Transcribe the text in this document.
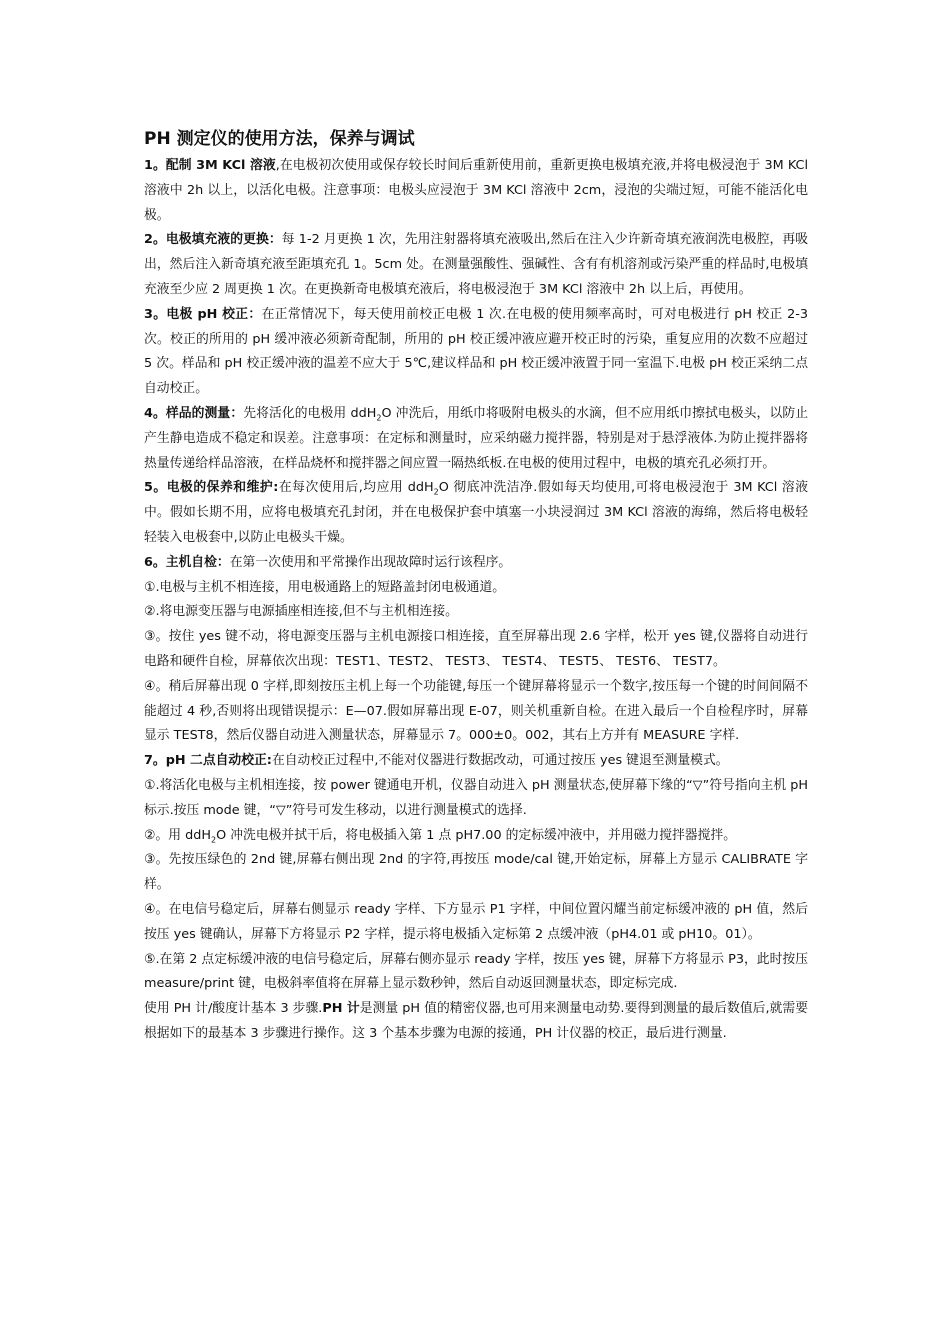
PH 测定仪的使用方法，保养与调试

1。配制 3M KCl 溶液,在电极初次使用或保存较长时间后重新使用前，重新更换电极填充液,并将电极浸泡于 3M KCl 溶液中 2h 以上，以活化电极。注意事项：电极头应浸泡于 3M KCl 溶液中 2cm，浸泡的尖端过短，可能不能活化电极。

2。电极填充液的更换：每 1-2 月更换 1 次，先用注射器将填充液吸出,然后在注入少许新奇填充液润洗电极腔，再吸出，然后注入新奇填充液至距填充孔 1。5cm 处。在测量强酸性、强碱性、含有有机溶剂或污染严重的样品时,电极填充液至少应 2 周更换 1 次。在更换新奇电极填充液后，将电极浸泡于 3M KCl 溶液中 2h 以上后，再使用。

3。电极 pH 校正：在正常情况下，每天使用前校正电极 1 次.在电极的使用频率高时，可对电极进行 pH 校正 2-3 次。校正的所用的 pH 缓冲液必须新奇配制，所用的 pH 校正缓冲液应避开校正时的污染，重复应用的次数不应超过 5 次。样品和 pH 校正缓冲液的温差不应大于 5℃,建议样品和 pH 校正缓冲液置于同一室温下.电极 pH 校正采纳二点自动校正。

4。样品的测量：先将活化的电极用 ddH$_2$O 冲洗后，用纸巾将吸附电极头的水滴，但不应用纸巾擦拭电极头，以防止产生静电造成不稳定和误差。注意事项：在定标和测量时，应采纳磁力搅拌器，特别是对于悬浮液体.为防止搅拌器将热量传递给样品溶液，在样品烧杯和搅拌器之间应置一隔热纸板.在电极的使用过程中，电极的填充孔必须打开。

5。电极的保养和维护:在每次使用后,均应用 ddH$_2$O 彻底冲洗洁净.假如每天均使用,可将电极浸泡于 3M KCl 溶液中。假如长期不用，应将电极填充孔封闭，并在电极保护套中填塞一小块浸润过 3M KCl 溶液的海绵，然后将电极轻轻装入电极套中,以防止电极头干燥。

6。主机自检：在第一次使用和平常操作出现故障时运行该程序。

①.电极与主机不相连接，用电极通路上的短路盖封闭电极通道。

②.将电源变压器与电源插座相连接,但不与主机相连接。

③。按住 yes 键不动，将电源变压器与主机电源接口相连接，直至屏幕出现 2.6 字样，松开 yes 键,仪器将自动进行电路和硬件自检，屏幕依次出现：TEST1、TEST2、 TEST3、 TEST4、 TEST5、 TEST6、 TEST7。

④。稍后屏幕出现 0 字样,即刻按压主机上每一个功能键,每压一个键屏幕将显示一个数字,按压每一个键的时间间隔不能超过 4 秒,否则将出现错误提示：E—07.假如屏幕出现 E-07，则关机重新自检。在进入最后一个自检程序时，屏幕显示 TEST8，然后仪器自动进入测量状态，屏幕显示 7。000±0。002，其右上方并有 MEASURE 字样.

7。pH 二点自动校正:在自动校正过程中,不能对仪器进行数据改动，可通过按压 yes 键退至测量模式。

①.将活化电极与主机相连接，按 power 键通电开机，仪器自动进入 pH 测量状态,使屏幕下缘的“▽”符号指向主机 pH 标示.按压 mode 键，“▽”符号可发生移动，以进行测量模式的选择.

②。用 ddH$_2$O 冲洗电极并拭干后，将电极插入第 1 点 pH7.00 的定标缓冲液中，并用磁力搅拌器搅拌。

③。先按压绿色的 2nd 键,屏幕右侧出现 2nd 的字符,再按压 mode/cal 键,开始定标，屏幕上方显示 CALIBRATE 字样。

④。在电信号稳定后，屏幕右侧显示 ready 字样、下方显示 P1 字样，中间位置闪耀当前定标缓冲液的 pH 值，然后按压 yes 键确认，屏幕下方将显示 P2 字样，提示将电极插入定标第 2 点缓冲液（pH4.01 或 pH10。01）。

⑤.在第 2 点定标缓冲液的电信号稳定后，屏幕右侧亦显示 ready 字样，按压 yes 键，屏幕下方将显示 P3，此时按压 measure/print 键，电极斜率值将在屏幕上显示数秒钟，然后自动返回测量状态，即定标完成.

使用 PH 计/酸度计基本 3 步骤.PH 计是测量 pH 值的精密仪器,也可用来测量电动势.要得到测量的最后数值后,就需要根据如下的最基本 3 步骤进行操作。这 3 个基本步骤为电源的接通，PH 计仪器的校正，最后进行测量.
